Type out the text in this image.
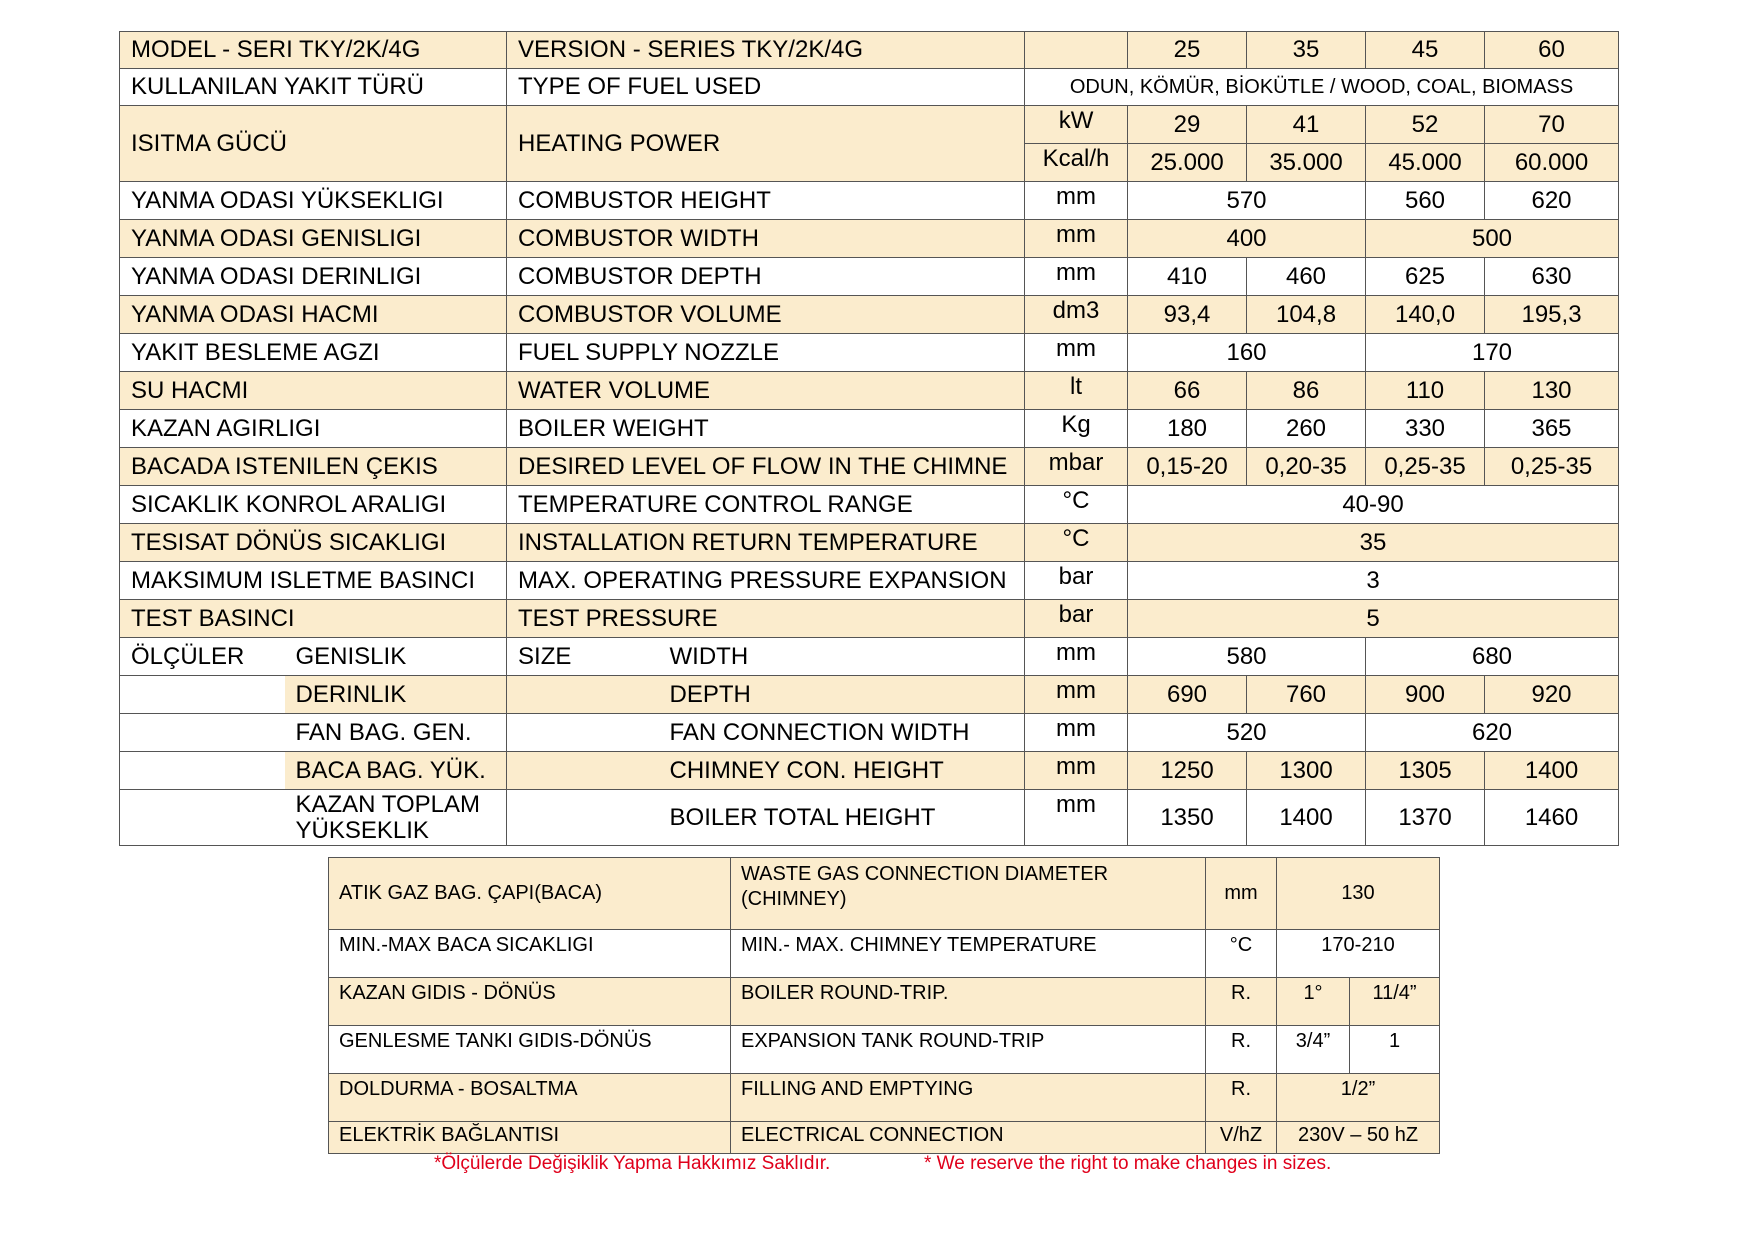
MODEL - SERI TKY/2K/4G		VERSION - SERIES TKY/2K/4G			25	35	45	60
KULLANILAN YAKIT TÜRÜ		TYPE OF FUEL USED		ODUN, KÖMÜR, BİOKÜTLE / WOOD, COAL, BIOMASS				
ISITMA GÜCÜ		HEATING POWER		kW	29	41	52	70
				Kcal/h	25.000	35.000	45.000	60.000
YANMA ODASI YÜKSEKLIGI		COMBUSTOR HEIGHT		mm	570		560	620
YANMA ODASI GENISLIGI		COMBUSTOR WIDTH		mm	400		500	
YANMA ODASI DERINLIGI		COMBUSTOR DEPTH		mm	410	460	625	630
YANMA ODASI HACMI		COMBUSTOR VOLUME		dm3	93,4	104,8	140,0	195,3
YAKIT BESLEME AGZI		FUEL SUPPLY NOZZLE		mm	160		170	
SU HACMI		WATER VOLUME		lt	66	86	110	130
KAZAN AGIRLIGI		BOILER WEIGHT		Kg	180	260	330	365
BACADA ISTENILEN ÇEKIS		DESIRED LEVEL OF FLOW IN THE CHIMNE		mbar	0,15-20	0,20-35	0,25-35	0,25-35
SICAKLIK KONROL ARALIGI		TEMPERATURE CONTROL RANGE		°C	40-90			
TESISAT DÖNÜS SICAKLIGI		INSTALLATION RETURN TEMPERATURE		°C	35			
MAKSIMUM ISLETME BASINCI		MAX. OPERATING PRESSURE EXPANSION		bar	3			
TEST BASINCI		TEST PRESSURE		bar	5			
ÖLÇÜLER	GENISLIK	SIZE	WIDTH	mm	580		680	
	DERINLIK		DEPTH	mm	690	760	900	920
	FAN BAG. GEN.		FAN CONNECTION WIDTH	mm	520		620	
	BACA BAG. YÜK.		CHIMNEY CON. HEIGHT	mm	1250	1300	1305	1400
	KAZAN TOPLAM YÜKSEKLIK		BOILER TOTAL HEIGHT	mm	1350	1400	1370	1460
ATIK GAZ BAG. ÇAPI(BACA)	WASTE GAS CONNECTION DIAMETER (CHIMNEY)	mm	130	
MIN.-MAX BACA SICAKLIGI	MIN.- MAX. CHIMNEY TEMPERATURE	°C	170-210	
KAZAN GIDIS - DÖNÜS	BOILER ROUND-TRIP.	R.	1°	11/4”
GENLESME TANKI GIDIS-DÖNÜS	EXPANSION TANK ROUND-TRIP	R.	3/4”	1
DOLDURMA - BOSALTMA	FILLING AND EMPTYING	R.	1/2”	
ELEKTRİK BAĞLANTISI	ELECTRICAL CONNECTION	V/hZ	230V – 50 hZ	
*Ölçülerde Değişiklik Yapma Hakkımız Saklıdır.	* We reserve the right to make changes in sizes.
